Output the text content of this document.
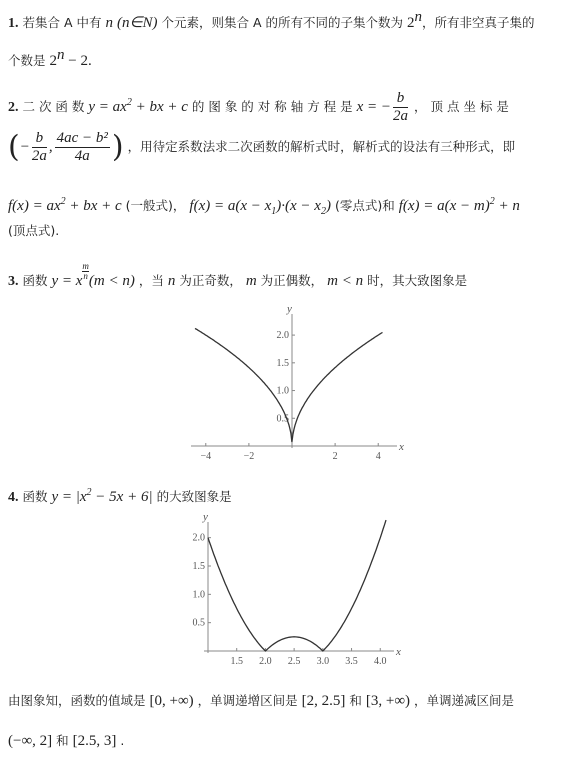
1. 若集合 A 中有 n (n∈N) 个元素，则集合 A 的所有不同的子集个数为 2$^n$，所有非空真子集的
个数是 $2^n - 2$.
2. 二 次 函 数 $y = ax^2$ + bx + c 的 图 象 的 对 称 轴 方 程 是 x = − $\frac{b}{2a}$ ， 顶 点 坐 标 是
(− $\frac{b}{2a}$ , $\frac{\text{4ac − b²}}{4a}$ ) ，用待定系数法求二次函数的解析式时，解析式的设法有三种形式，即
$f(x) = ax^2$ + bx + c (一般式)， $f(x) = a(x - x_1)\cdot(x - x_2)$ (零点式)和 $f(x) = a(x - m)^2 + n$
(顶点式).
3. 函数 y = x $^{\frac{m}{n}}$ (m < n) ，当 n 为正奇数， m 为正偶数， m < n 时，其大致图象是
x
y
−4	−2	2	4
0.5
1.0
1.5
2.0
4. 函数 $y = |x^2 - 5x + 6|$ 的大致图象是
x
y
1.5 2.0 2.5 3.0 3.5 4.0
0.5
1.0
1.5
2.0
由图象知，函数的值域是 [0, +∞) ，单调递增区间是 [2, 2.5] 和 [3, +∞) ，单调递减区间是
(−∞, 2] 和 [2.5, 3] .
